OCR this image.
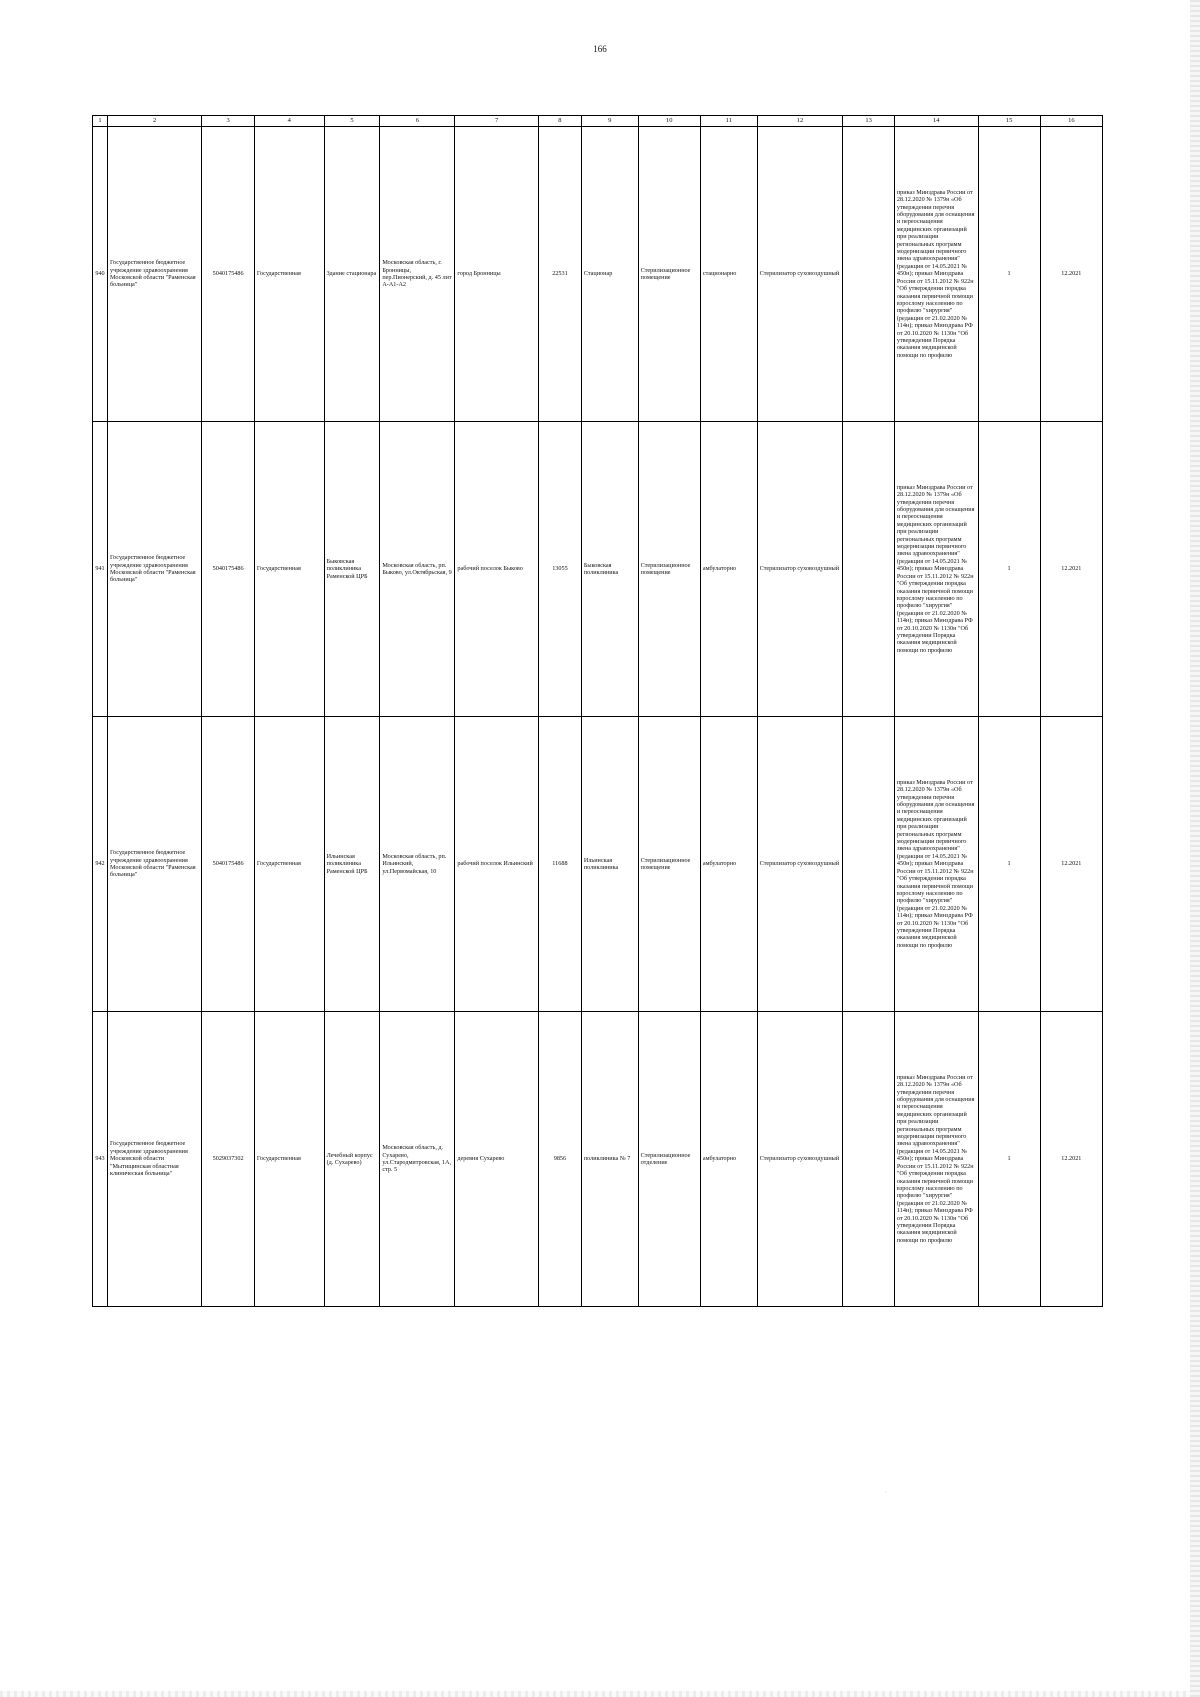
166
1	2	3	4	5	6	7	8	9	10	11	12	13	14	15	16
940	Государственное бюджетное учреждение здравоохранения Московской области "Раменская больница"	5040175486	Государственная	Здание стационара	Московская область, г. Бронницы, пер.Пионерский, д. 45 лит А-А1-А2	город Бронницы	22531	Стационар	Стерилизационное помещение	стационарно	Стерилизатор суховоздушный		приказ Минздрава России от 28.12.2020 № 1379н «Об утверждении перечня оборудования для оснащения и переоснащения медицинских организаций при реализации региональных программ модернизации первичного звена здравоохранения"(редакция от 14.05.2021 № 450н); приказ Минздрава России от 15.11.2012 № 922н "Об утверждении порядка оказания первичной помощи взрослому населению по профилю "хирургия" (редакция от 21.02.2020 № 114н); приказ Минздрава РФ от 20.10.2020 № 1130н "Об утверждении Порядка оказания медицинской помощи по профилю	1	12.2021
941	Государственное бюджетное учреждение здравоохранения Московской области "Раменская больница"	5040175486	Государственная	Быковская поликлиника Раменской ЦРБ	Московская область, рп. Быково, ул.Октябрьская, 9	рабочий поселок Быково	13055	Быковская поликлиника	Стерилизационное помещение	амбулаторно	Стерилизатор суховоздушный		приказ Минздрава России от 28.12.2020 № 1379н «Об утверждении перечня оборудования для оснащения и переоснащения медицинских организаций при реализации региональных программ модернизации первичного звена здравоохранения"(редакция от 14.05.2021 № 450н); приказ Минздрава России от 15.11.2012 № 922н "Об утверждении порядка оказания первичной помощи взрослому населению по профилю "хирургия" (редакция от 21.02.2020 № 114н); приказ Минздрава РФ от 20.10.2020 № 1130н "Об утверждении Порядка оказания медицинской помощи по профилю	1	12.2021
942	Государственное бюджетное учреждение здравоохранения Московской области "Раменская больница"	5040175486	Государственная	Ильинская поликлиника Раменской ЦРБ	Московская область, рп. Ильинский, ул.Первомайская, 10	рабочий поселок Ильинский	11688	Ильинская поликлиника	Стерилизационное помещение	амбулаторно	Стерилизатор суховоздушный		приказ Минздрава России от 28.12.2020 № 1379н «Об утверждении перечня оборудования для оснащения и переоснащения медицинских организаций при реализации региональных программ модернизации первичного звена здравоохранения"(редакция от 14.05.2021 № 450н); приказ Минздрава России от 15.11.2012 № 922н "Об утверждении порядка оказания первичной помощи взрослому населению по профилю "хирургия" (редакция от 21.02.2020 № 114н); приказ Минздрава РФ от 20.10.2020 № 1130н "Об утверждении Порядка оказания медицинской помощи по профилю	1	12.2021
943	Государственное бюджетное учреждение здравоохранения Московской области "Мытищинская областная клиническая больница"	5029037302	Государственная	Лечебный корпус (д. Сухарево)	Московская область, д. Сухарево, ул.Стародмитровская, 1А, стр. 5	деревня Сухарево	9856	поликлиника № 7	Стерилизационное отделение	амбулаторно	Стерилизатор суховоздушный		приказ Минздрава России от 28.12.2020 № 1379н «Об утверждении перечня оборудования для оснащения и переоснащения медицинских организаций при реализации региональных программ модернизации первичного звена здравоохранения"(редакция от 14.05.2021 № 450н); приказ Минздрава России от 15.11.2012 № 922н "Об утверждении порядка оказания первичной помощи взрослому населению по профилю "хирургия" (редакция от 21.02.2020 № 114н); приказ Минздрава РФ от 20.10.2020 № 1130н "Об утверждении Порядка оказания медицинской помощи по профилю	1	12.2021
·
